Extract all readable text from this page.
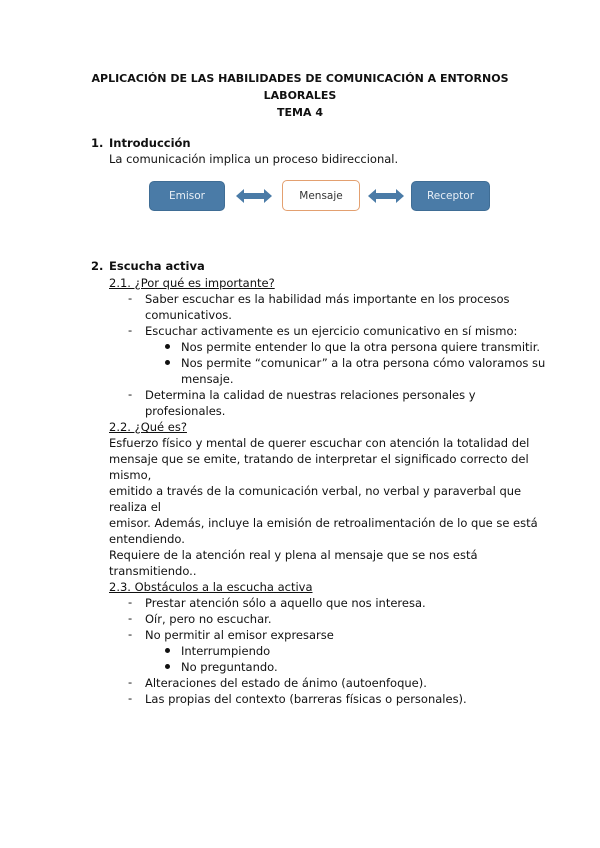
APLICACIÓN DE LAS HABILIDADES DE COMUNICACIÓN A ENTORNOS
LABORALES
TEMA 4
1. Introducción
La comunicación implica un proceso bidireccional.
Emisor	Mensaje	Receptor
2. Escucha activa
2.1. ¿Por qué es importante?
- Saber escuchar es la habilidad más importante en los procesos
comunicativos.
- Escuchar activamente es un ejercicio comunicativo en sí mismo:
Nos permite entender lo que la otra persona quiere transmitir.
Nos permite “comunicar” a la otra persona cómo valoramos su
mensaje.
- Determina la calidad de nuestras relaciones personales y
profesionales.
2.2. ¿Qué es?
Esfuerzo físico y mental de querer escuchar con atención la totalidad del
mensaje que se emite, tratando de interpretar el significado correcto del
mismo,
emitido a través de la comunicación verbal, no verbal y paraverbal que
realiza el
emisor. Además, incluye la emisión de retroalimentación de lo que se está
entendiendo.
Requiere de la atención real y plena al mensaje que se nos está
transmitiendo..
2.3. Obstáculos a la escucha activa
- Prestar atención sólo a aquello que nos interesa.
- Oír, pero no escuchar.
- No permitir al emisor expresarse
Interrumpiendo
No preguntando.
- Alteraciones del estado de ánimo (autoenfoque).
- Las propias del contexto (barreras físicas o personales).
